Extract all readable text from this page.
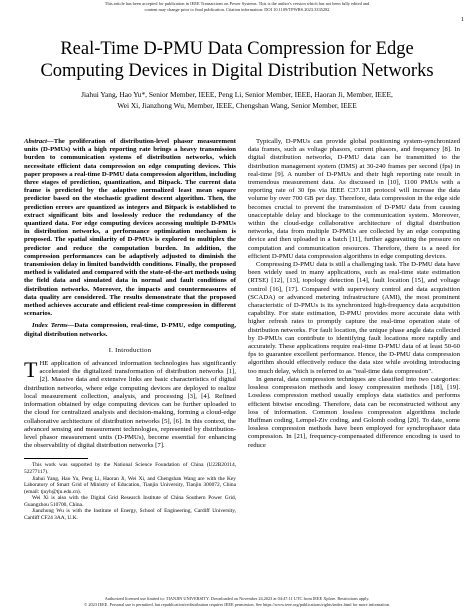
This article has been accepted for publication in IEEE Transactions on Power Systems. This is the author's version which has not been fully edited and
content may change prior to final publication. Citation information: DOI 10.1109/TPWRS.2023.3335282
1
Real-Time D-PMU Data Compression for Edge
Computing Devices in Digital Distribution Networks
Jiahui Yang, Hao Yu*, Senior Member, IEEE, Peng Li, Senior Member, IEEE, Haoran Ji, Member, IEEE,
Wei Xi, Jianzhong Wu, Member, IEEE, Chengshan Wang, Senior Member, IEEE

Abstract—The proliferation of distribution-level phasor measurement units (D-PMUs) with a high reporting rate brings a heavy transmission burden to communication systems of distribution networks, which necessitate efficient data compression on edge computing devices. This paper proposes a real-time D-PMU data compression algorithm, including three stages of prediction, quantization, and Bitpack. The current data frame is predicted by the adaptive normalized least mean square predictor based on the stochastic gradient descent algorithm. Then, the prediction errors are quantized as integers and Bitpack is established to extract significant bits and losslessly reduce the redundancy of the quantized data. For edge computing devices accessing multiple D-PMUs in distribution networks, a performance optimization mechanism is proposed. The spatial similarity of D-PMUs is explored to multiplex the predictor and reduce the computation burden. In addition, the compression performances can be adaptively adjusted to diminish the transmission delay in limited bandwidth conditions. Finally, the proposed method is validated and compared with the state-of-the-art methods using the field data and simulated data in normal and fault conditions of distribution networks. Moreover, the impacts and countermeasures of data quality are considered. The results demonstrate that the proposed method achieves accurate and efficient real-time compression in different scenarios.

Index Terms—Data compression, real-time, D-PMU, edge computing, digital distribution networks.

I. Introduction

THE application of advanced information technologies has significantly accelerated the digitalized transformation of distribution networks [1], [2]. Massive data and extensive links are basic characteristics of digital distribution networks, where edge computing devices are deployed to realize local measurement collection, analysis, and processing [3], [4]. Refined information obtained by edge computing devices can be further uploaded to the cloud for centralized analysis and decision-making, forming a cloud-edge collaborative architecture of distribution networks [5], [6]. In this context, the advanced sensing and measurement technologies, represented by distribution-level phasor measurement units (D-PMUs), become essential for enhancing the observability of digital distribution networks [7].

This work was supported by the National Science Foundation of China (U22B20114, 52277117).

Jiahui Yang, Hao Yu, Peng Li, Haoran Ji, Wei Xi, and Chengshan Wang are with the Key Laboratory of Smart Grid of Ministry of Education, Tianjin University, Tianjin 300072, China (email: tjuyh@tju.edu.cn).

Wei Xi is also with the Digital Grid Research Institute of China Southern Power Grid, Guangzhou 510700, China.

Jianzhong Wu is with the Institute of Energy, School of Engineering, Cardiff University, Cardiff CF24 3AA, U.K.

Typically, D-PMUs can provide global positioning system-synchronized data frames, such as voltage phasors, current phasors, and frequency [8]. In digital distribution networks, D-PMU data can be transmitted to the distribution management system (DMS) at 30-240 frames per second (fps) in real-time [9]. A number of D-PMUs and their high reporting rate result in tremendous measurement data. As discussed in [10], 1100 PMUs with a reporting rate of 30 fps via IEEE C37.118 protocol will increase the data volume by over 700 GB per day. Therefore, data compression in the edge side becomes crucial to prevent the transmission of D-PMU data from causing unacceptable delay and blockage to the communication system. Moreover, within the cloud-edge collaborative architecture of digital distribution networks, data from multiple D-PMUs are collected by an edge computing device and then uploaded in a batch [11], further aggravating the pressure on computation and communication resources. Therefore, there is a need for efficient D-PMU data compression algorithms in edge computing devices.

Compressing D-PMU data is still a challenging task. The D-PMU data have been widely used in many applications, such as real-time state estimation (RTSE) [12], [13], topology detection [14], fault location [15], and voltage control [16], [17]. Compared with supervisory control and data acquisition (SCADA) or advanced metering infrastructure (AMI), the most prominent characteristic of D-PMUs is its synchronized high-frequency data acquisition capability. For state estimation, D-PMU provides more accurate data with higher refresh rates to promptly capture the real-time operation state of distribution networks. For fault location, the unique phase angle data collected by D-PMUs can contribute to identifying fault locations more rapidly and accurately. These applications require real-time D-PMU data of at least 50-60 fps to guarantee excellent performance. Hence, the D-PMU data compression algorithm should effectively reduce the data size while avoiding introducing too much delay, which is referred to as "real-time data compression".

In general, data compression techniques are classified into two categories: lossless compression methods and lossy compression methods [18], [19]. Lossless compression method usually employs data statistics and performs efficient bitwise encoding. Therefore, data can be reconstructed without any loss of information. Common lossless compression algorithms include Huffman coding, Lempel-Ziv coding, and Golomb coding [20]. To date, some lossless compression methods have been employed for synchrophasor data compression. In [21], frequency-compensated difference encoding is used to reduce

Authorized licensed use limited to: TIANJIN UNIVERSITY. Downloaded on November 24,2023 at 04:47:11 UTC from IEEE Xplore. Restrictions apply.
© 2023 IEEE. Personal use is permitted, but republication/redistribution requires IEEE permission. See https://www.ieee.org/publications/rights/index.html for more information.
